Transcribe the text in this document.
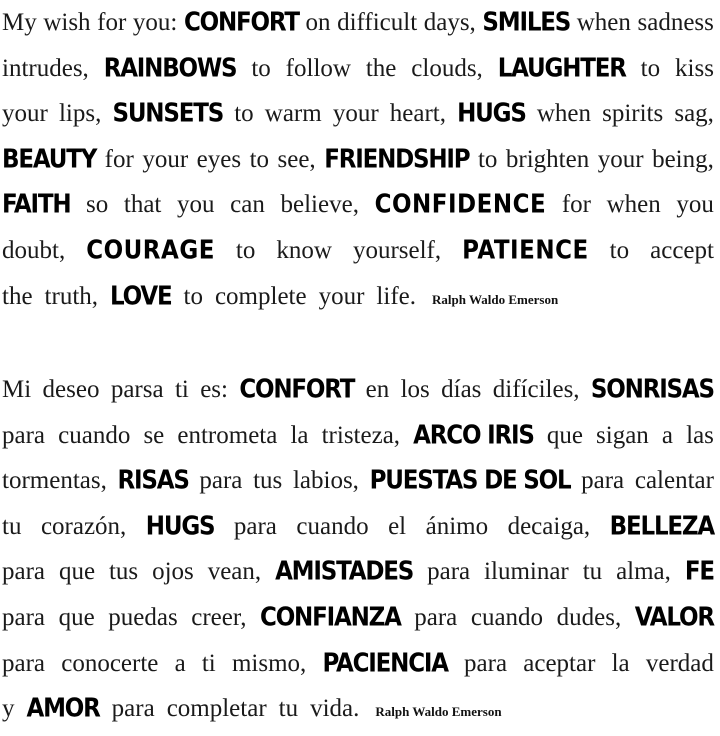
My wish for you: CONFORT on difficult days, SMILES when sadness
intrudes, RAINBOWS to follow the clouds, LAUGHTER to kiss
your lips, SUNSETS to warm your heart, HUGS when spirits sag,
BEAUTY for your eyes to see, FRIENDSHIP to brighten your being,
FAITH so that you can believe, CONFIDENCE for when you
doubt, COURAGE to know yourself, PATIENCE to accept
the truth, LOVE to complete your life. Ralph Waldo Emerson
Mi deseo parsa ti es: CONFORT en los días difíciles, SONRISAS
para cuando se entrometa la tristeza, ARCO IRIS que sigan a las
tormentas, RISAS para tus labios, PUESTAS DE SOL para calentar
tu corazón, HUGS para cuando el ánimo decaiga, BELLEZA
para que tus ojos vean, AMISTADES para iluminar tu alma, FE
para que puedas creer, CONFIANZA para cuando dudes, VALOR
para conocerte a ti mismo, PACIENCIA para aceptar la verdad
y AMOR para completar tu vida. Ralph Waldo Emerson
